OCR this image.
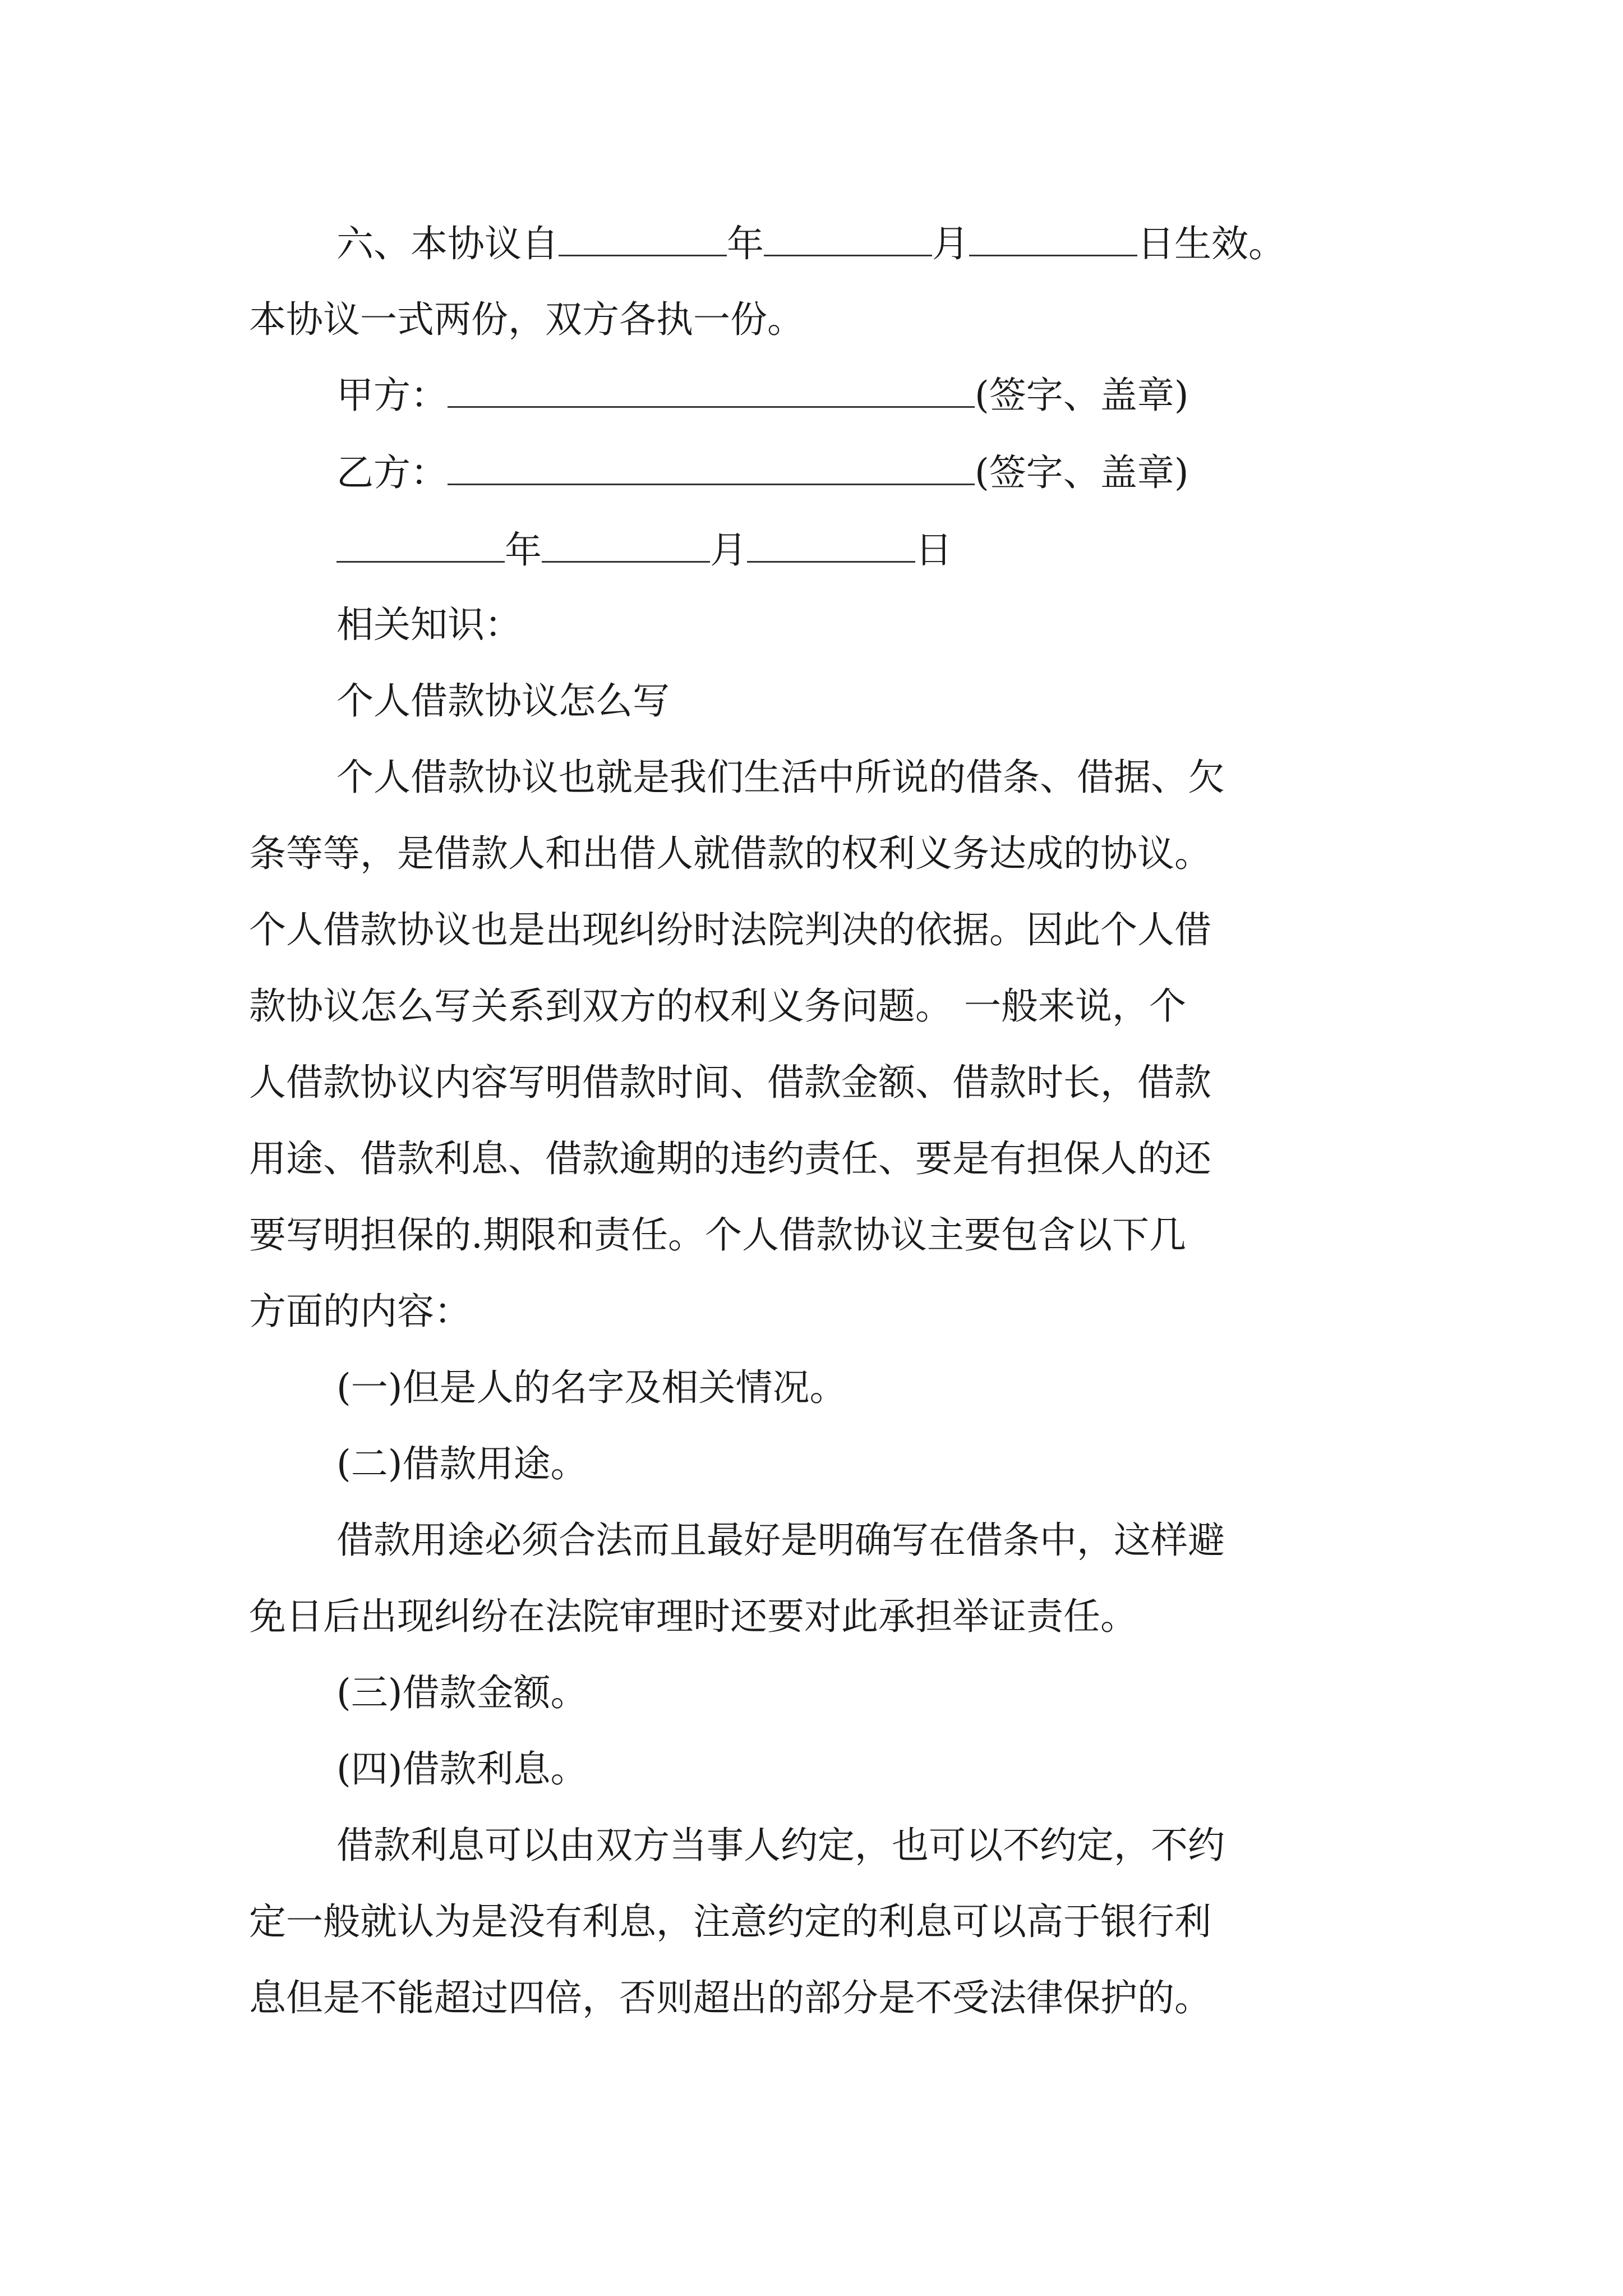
六、本协议自	年	月	日生效。
本协议一式两份，双方各执一份。
甲方：	(签字、盖章)
乙方：	(签字、盖章)
年	月	日
相关知识：
个人借款协议怎么写
个人借款协议也就是我们生活中所说的借条、借据、欠
条等等，是借款人和出借人就借款的权利义务达成的协议。
个人借款协议也是出现纠纷时法院判决的依据。因此个人借
款协议怎么写关系到双方的权利义务问题。 一般来说，个
人借款协议内容写明借款时间、借款金额、借款时长，借款
用途、借款利息、借款逾期的违约责任、要是有担保人的还
要写明担保的.期限和责任。个人借款协议主要包含以下几
方面的内容：
(一)但是人的名字及相关情况。
(二)借款用途。
借款用途必须合法而且最好是明确写在借条中，这样避
免日后出现纠纷在法院审理时还要对此承担举证责任。
(三)借款金额。
(四)借款利息。
借款利息可以由双方当事人约定，也可以不约定，不约
定一般就认为是没有利息，注意约定的利息可以高于银行利
息但是不能超过四倍，否则超出的部分是不受法律保护的。
